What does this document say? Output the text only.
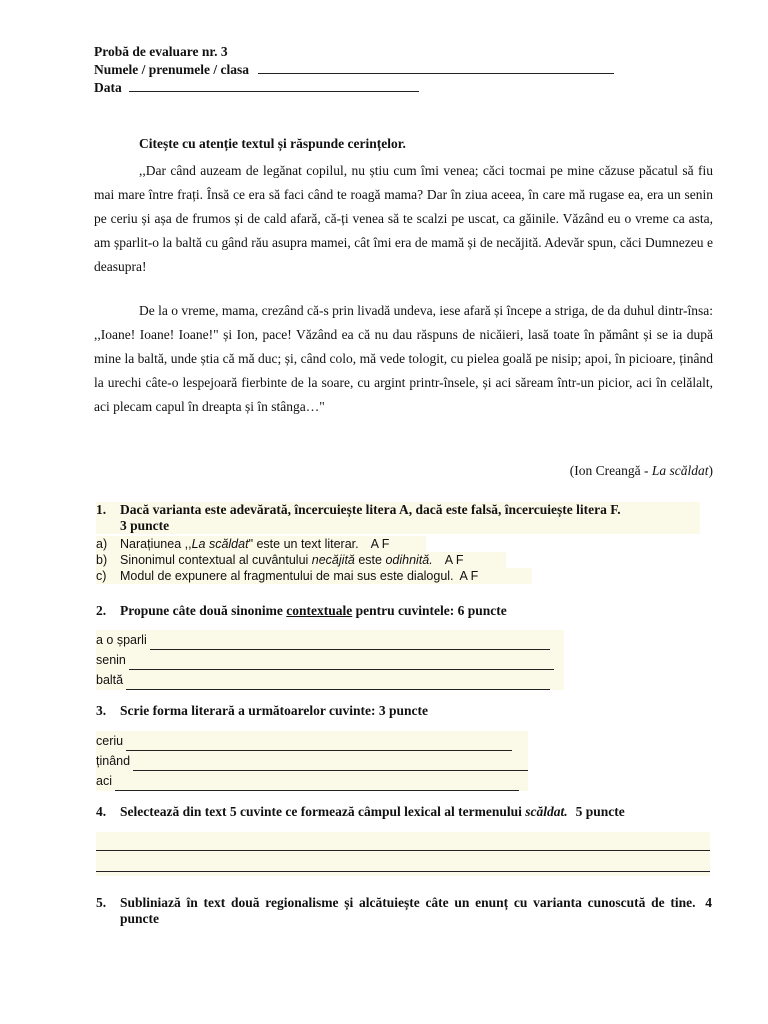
Probă de evaluare nr. 3
Numele / prenumele / clasa
Data
Citește cu atenție textul și răspunde cerințelor.
,,Dar când auzeam de legănat copilul, nu știu cum îmi venea; căci tocmai pe mine căzuse păcatul să fiu mai mare între frați. Însă ce era să faci când te roagă mama? Dar în ziua aceea, în care mă rugase ea, era un senin pe ceriu și așa de frumos și de cald afară, că-ți venea să te scalzi pe uscat, ca găinile. Văzând eu o vreme ca asta, am șparlit-o la baltă cu gând rău asupra mamei, cât îmi era de mamă și de necăjită. Adevăr spun, căci Dumnezeu e deasupra!
De la o vreme, mama, crezând că-s prin livadă undeva, iese afară și începe a striga, de da duhul dintr-însa: ,,Ioane! Ioane! Ioane!" și Ion, pace! Văzând ea că nu dau răspuns de nicăieri, lasă toate în pământ și se ia după mine la baltă, unde știa că mă duc; și, când colo, mă vede tologit, cu pielea goală pe nisip; apoi, în picioare, ținând la urechi câte-o lespejoară fierbinte de la soare, cu argint printr-însele, și aci săream într-un picior, aci în celălalt, aci plecam capul în dreapta și în stânga…"
(Ion Creangă - La scăldat)
1. Dacă varianta este adevărată, încercuiește litera A, dacă este falsă, încercuiește litera F.
3 puncte
a) Narațiunea ,,La scăldat" este un text literar. A F
b) Sinonimul contextual al cuvântului necăjită este odihnită. A F
c) Modul de expunere al fragmentului de mai sus este dialogul. A F
2. Propune câte două sinonime contextuale pentru cuvintele: 6 puncte
a o șparli
senin
baltă
3. Scrie forma literară a următoarelor cuvinte: 3 puncte
ceriu
ținând
aci
4. Selectează din text 5 cuvinte ce formează câmpul lexical al termenului scăldat. 5 puncte
5.	Subliniază în text două regionalisme și alcătuiește câte un enunț cu varianta cunoscută de tine. 4 puncte
